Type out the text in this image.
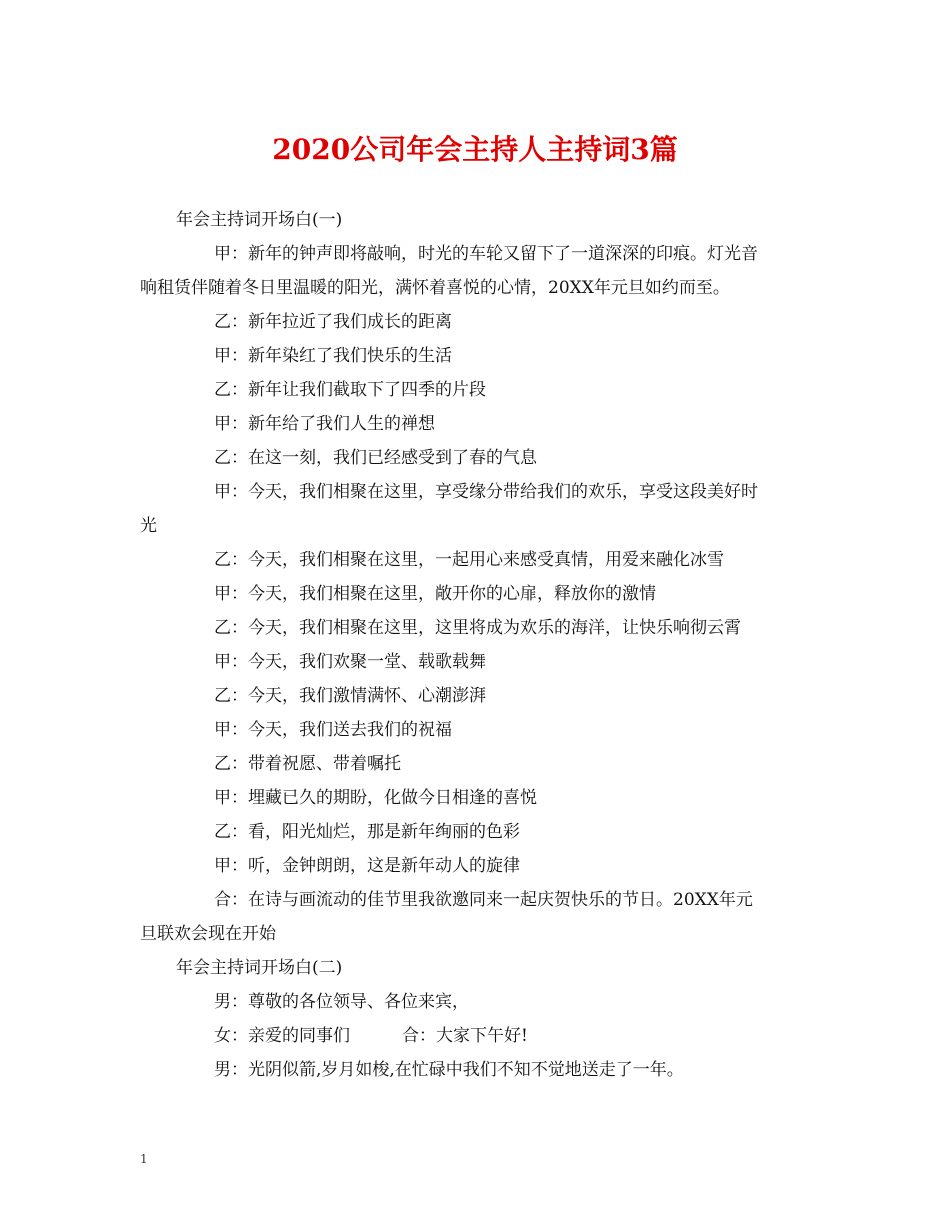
2020公司年会主持人主持词3篇
年会主持词开场白(一)
甲：新年的钟声即将敲响，时光的车轮又留下了一道深深的印痕。灯光音
响租赁伴随着冬日里温暖的阳光，满怀着喜悦的心情，20XX年元旦如约而至。
乙：新年拉近了我们成长的距离
甲：新年染红了我们快乐的生活
乙：新年让我们截取下了四季的片段
甲：新年给了我们人生的禅想
乙：在这一刻，我们已经感受到了春的气息
甲：今天，我们相聚在这里，享受缘分带给我们的欢乐，享受这段美好时
光
乙：今天，我们相聚在这里，一起用心来感受真情，用爱来融化冰雪
甲：今天，我们相聚在这里，敞开你的心扉，释放你的激情
乙：今天，我们相聚在这里，这里将成为欢乐的海洋，让快乐响彻云霄
甲：今天，我们欢聚一堂、载歌载舞
乙：今天，我们激情满怀、心潮澎湃
甲：今天，我们送去我们的祝福
乙：带着祝愿、带着嘱托
甲：埋藏已久的期盼，化做今日相逢的喜悦
乙：看，阳光灿烂，那是新年绚丽的色彩
甲：听，金钟朗朗，这是新年动人的旋律
合：在诗与画流动的佳节里我欲邀同来一起庆贺快乐的节日。20XX年元
旦联欢会现在开始
年会主持词开场白(二)
男：尊敬的各位领导、各位来宾，
女：亲爱的同事们	合：大家下午好!
男：光阴似箭,岁月如梭,在忙碌中我们不知不觉地送走了一年。
1
